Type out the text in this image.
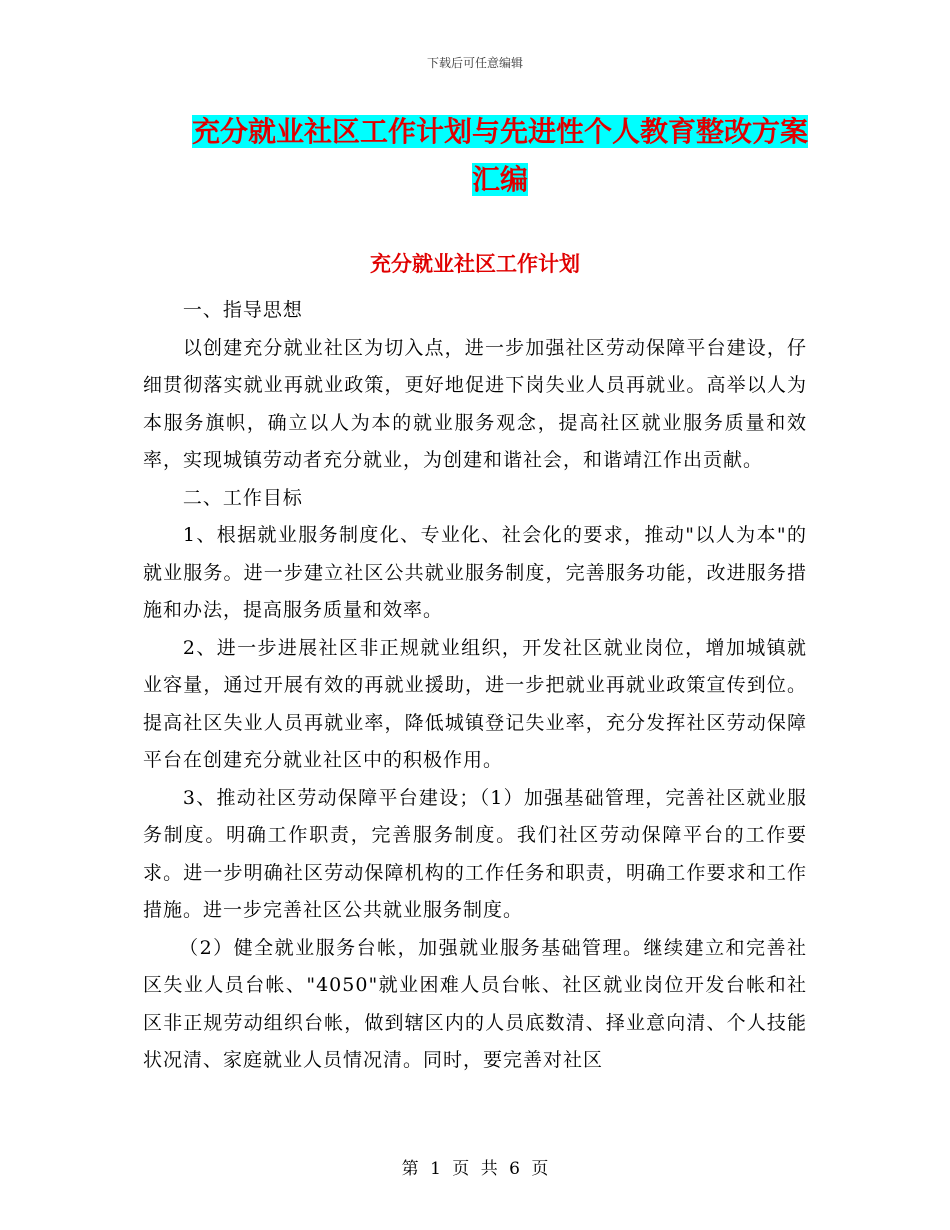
下载后可任意编辑
充分就业社区工作计划与先进性个人教育整改方案汇编
充分就业社区工作计划

一、指导思想

以创建充分就业社区为切入点，进一步加强社区劳动保障平台建设，仔细贯彻落实就业再就业政策，更好地促进下岗失业人员再就业。高举以人为本服务旗帜，确立以人为本的就业服务观念，提高社区就业服务质量和效率，实现城镇劳动者充分就业，为创建和谐社会，和谐靖江作出贡献。

二、工作目标

1、根据就业服务制度化、专业化、社会化的要求，推动"以人为本"的就业服务。进一步建立社区公共就业服务制度，完善服务功能，改进服务措施和办法，提高服务质量和效率。

2、进一步进展社区非正规就业组织，开发社区就业岗位，增加城镇就业容量，通过开展有效的再就业援助，进一步把就业再就业政策宣传到位。提高社区失业人员再就业率，降低城镇登记失业率，充分发挥社区劳动保障平台在创建充分就业社区中的积极作用。

3、推动社区劳动保障平台建设；（1）加强基础管理，完善社区就业服务制度。明确工作职责，完善服务制度。我们社区劳动保障平台的工作要求。进一步明确社区劳动保障机构的工作任务和职责，明确工作要求和工作措施。进一步完善社区公共就业服务制度。

（2）健全就业服务台帐，加强就业服务基础管理。继续建立和完善社区失业人员台帐、"4050"就业困难人员台帐、社区就业岗位开发台帐和社区非正规劳动组织台帐，做到辖区内的人员底数清、择业意向清、个人技能状况清、家庭就业人员情况清。同时，要完善对社区

第 1 页 共 6 页
